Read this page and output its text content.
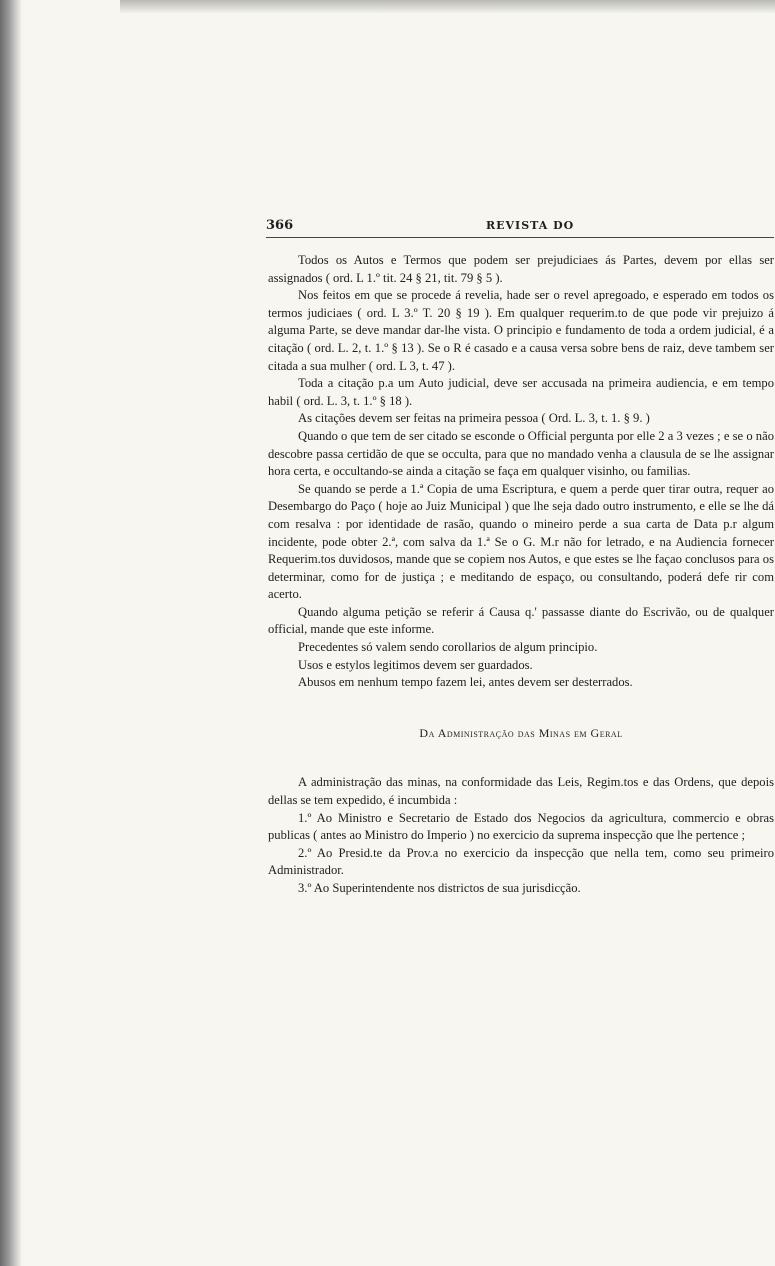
366	REVISTA DO

Todos os Autos e Termos que podem ser prejudiciaes ás Partes, devem por ellas ser assignados ( ord. L 1.º tit. 24 § 21, tit. 79 § 5 ).

Nos feitos em que se procede á revelia, hade ser o revel apregoado, e esperado em todos os termos judiciaes ( ord. L 3.º T. 20 § 19 ). Em qualquer requerim.to de que pode vir prejuizo á alguma Parte, se deve mandar dar-lhe vista. O principio e fundamento de toda a ordem judicial, é a citação ( ord. L. 2, t. 1.º § 13 ). Se o R é casado e a causa versa sobre bens de raiz, deve tambem ser citada a sua mulher ( ord. L 3, t. 47 ).

Toda a citação p.a um Auto judicial, deve ser accusada na primeira audiencia, e em tempo habil ( ord. L. 3, t. 1.º § 18 ).

As citações devem ser feitas na primeira pessoa ( Ord. L. 3, t. 1. § 9. )

Quando o que tem de ser citado se esconde o Official pergunta por elle 2 a 3 vezes ; e se o não descobre passa certidão de que se occulta, para que no mandado venha a clausula de se lhe assignar hora certa, e occultando-se ainda a citação se faça em qualquer visinho, ou familias.

Se quando se perde a 1.ª Copia de uma Escriptura, e quem a perde quer tirar outra, requer ao Desembargo do Paço ( hoje ao Juiz Municipal ) que lhe seja dado outro instrumento, e elle se lhe dá com resalva : por identidade de rasão, quando o mineiro perde a sua carta de Data p.r algum incidente, pode obter 2.ª, com salva da 1.ª Se o G. M.r não for letrado, e na Audiencia fornecer Requerim.tos duvidosos, mande que se copiem nos Autos, e que estes se lhe façao conclusos para os determinar, como for de justiça ; e meditando de espaço, ou consultando, poderá defe rir com acerto.

Quando alguma petição se referir á Causa q.' passasse diante do Escrivão, ou de qualquer official, mande que este informe.

Precedentes só valem sendo corollarios de algum principio.

Usos e estylos legitimos devem ser guardados.

Abusos em nenhum tempo fazem lei, antes devem ser desterrados.

Da Administração das Minas em Geral

A administração das minas, na conformidade das Leis, Regim.tos e das Ordens, que depois dellas se tem expedido, é incumbida :

1.º Ao Ministro e Secretario de Estado dos Negocios da agricultura, commercio e obras publicas ( antes ao Ministro do Imperio ) no exercicio da suprema inspecção que lhe pertence ;

2.º Ao Presid.te da Prov.a no exercicio da inspecção que nella tem, como seu primeiro Administrador.

3.º Ao Superintendente nos districtos de sua jurisdicção.
